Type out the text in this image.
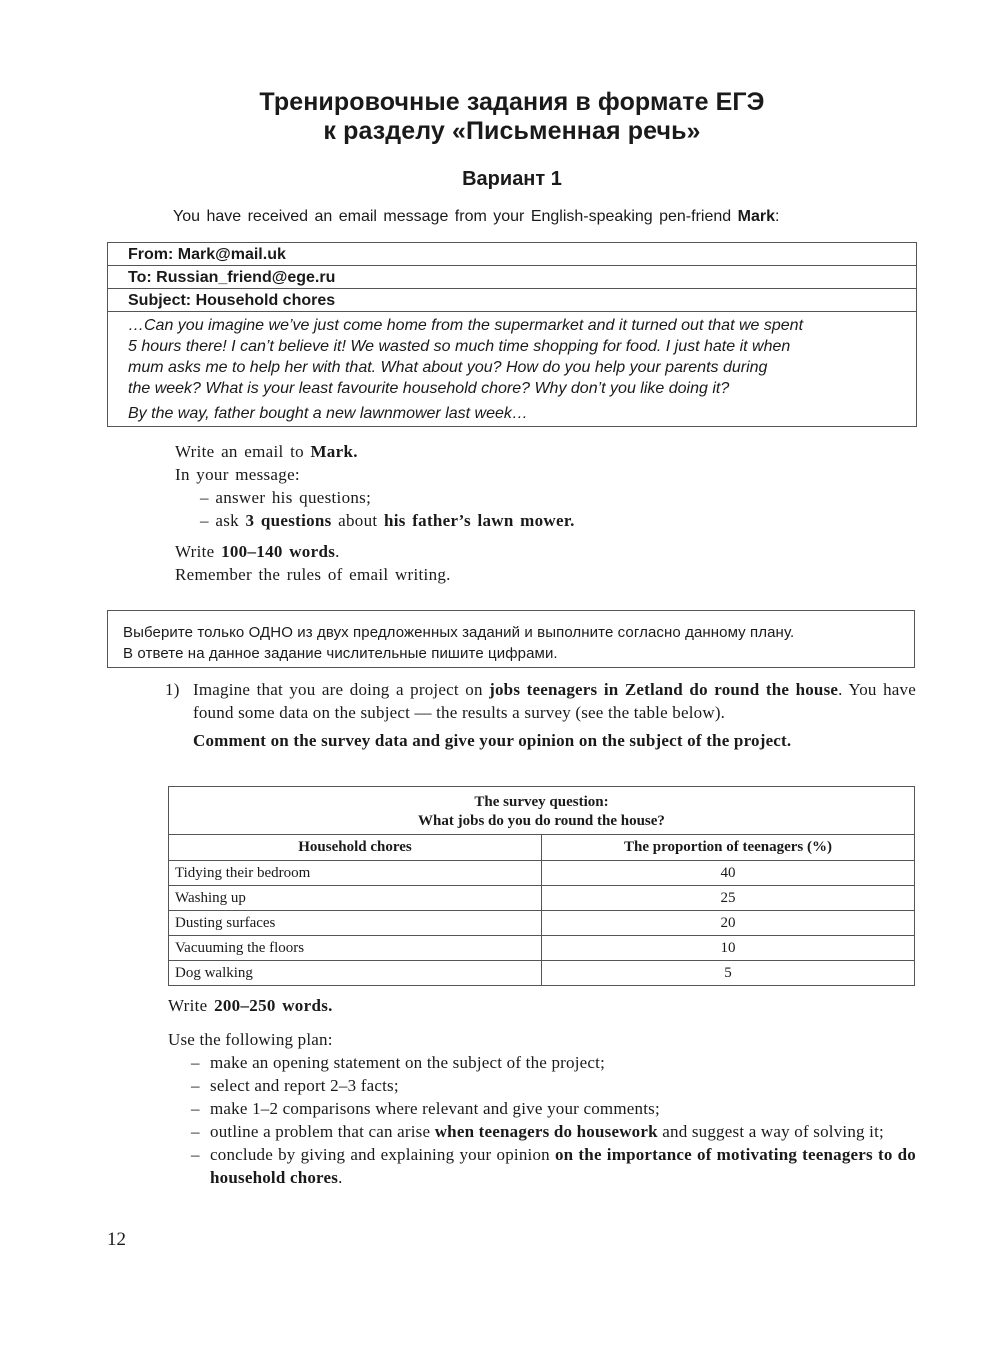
Тренировочные задания в формате ЕГЭ
к разделу «Письменная речь»
Вариант 1
You have received an email message from your English-speaking pen-friend Mark:
From: Mark@mail.uk
To: Russian_friend@ege.ru
Subject: Household chores

…Can you imagine we’ve just come home from the supermarket and it turned out that we spent

5 hours there! I can’t believe it! We wasted so much time shopping for food. I just hate it when

mum asks me to help her with that. What about you? How do you help your parents during

the week? What is your least favourite household chore? Why don’t you like doing it?

By the way, father bought a new lawnmower last week…

Write an email to Mark.

In your message:

– answer his questions;

– ask 3 questions about his father’s lawn mower.

Write 100–140 words.

Remember the rules of email writing.

Выберите только ОДНО из двух предложенных заданий и выполните согласно данному плану.

В ответе на данное задание числительные пишите цифрами.

1) Imagine that you are doing a project on jobs teenagers in Zetland do round the house. You have found some data on the subject — the results a survey (see the table below).
Comment on the survey data and give your opinion on the subject of the project.
The survey question:
What jobs do you do round the house?	

Household chores	The proportion of teenagers (%)
Tidying their bedroom	40
Washing up	25
Dusting surfaces	20
Vacuuming the floors	10
Dog walking	5
Write 200–250 words.

Use the following plan:

– make an opening statement on the subject of the project;

– select and report 2–3 facts;

– make 1–2 comparisons where relevant and give your comments;

– outline a problem that can arise when teenagers do housework and suggest a way of solving it;

– conclude by giving and explaining your opinion on the importance of motivating teenagers to do household chores.

12
